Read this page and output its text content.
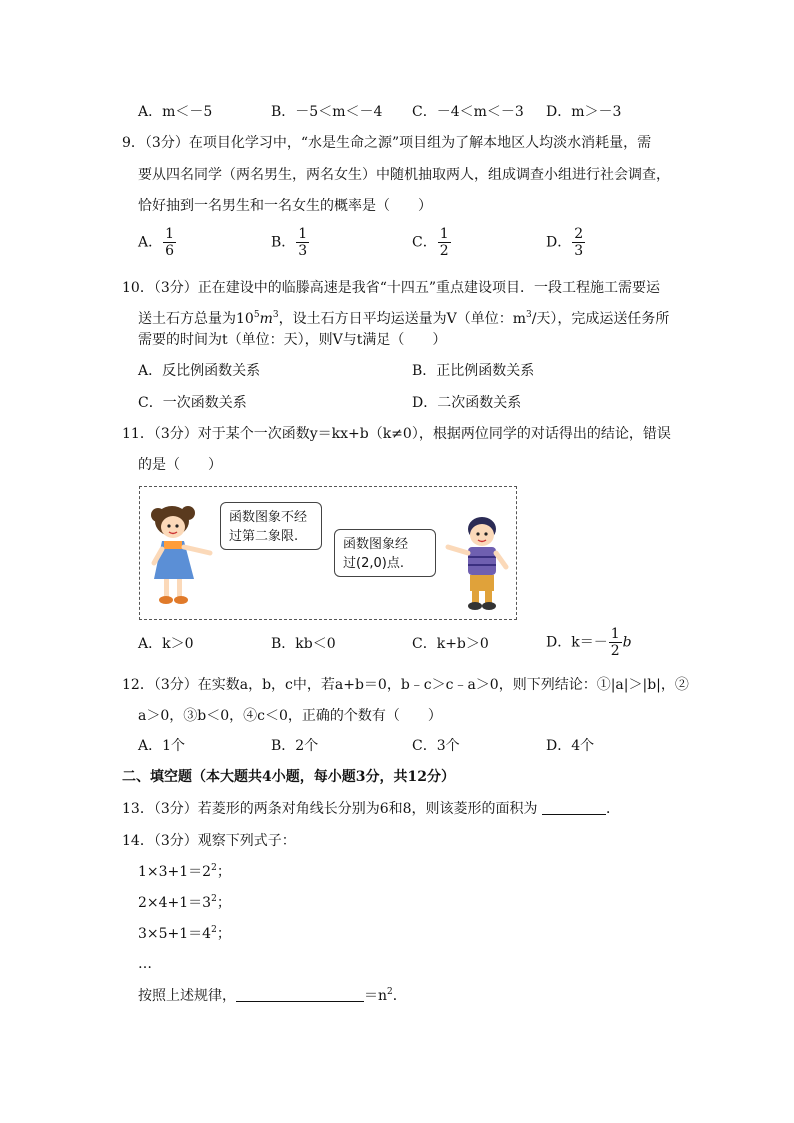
A．m＜－5	B．－5＜m＜－4 C．－4＜m＜－3 D．m＞－3
9．（3分）在项目化学习中，“水是生命之源”项目组为了解本地区人均淡水消耗量，需
要从四名同学（两名男生，两名女生）中随机抽取两人，组成调查小组进行社会调查，
恰好抽到一名男生和一名女生的概率是（　　）
A． $\frac{1}{6}$	B． $\frac{1}{3}$	C． $\frac{1}{2}$	D． $\frac{2}{3}$
10．（3分）正在建设中的临滕高速是我省“十四五”重点建设项目．一段工程施工需要运
送土石方总量为$10^5m^3$，设土石方日平均运送量为V（单位：$m^3/$天），完成运送任务所
需要的时间为t（单位：天），则V与t满足（　　）
A．反比例函数关系	B．正比例函数关系
C．一次函数关系	D．二次函数关系
11．（3分）对于某个一次函数y＝kx+b（k≠0），根据两位同学的对话得出的结论，错误
的是（　　）
函数图象不经
过第二象限.
函数图象经
过(2,0)点.
A．k＞0	B．kb＜0	C．k+b＞0	D．$k=- \frac{1}{2}$ b
12．（3分）在实数a，b，c中，若a+b＝0，b﹣c＞c﹣a＞0，则下列结论：①|a|＞|b|，②
a＞0，③b＜0，④c＜0，正确的个数有（　　）
A．1个	B．2个	C．3个	D．4个
二、填空题（本大题共4小题，每小题3分，共12分）
13．（3分）若菱形的两条对角线长分别为6和8，则该菱形的面积为	．
14．（3分）观察下列式子：
$1\times 3+1=2^2$；
$2\times 4+1=3^2$；
$3\times 5+1=4^2$；
…
按照上述规律，	$=n^2$．
